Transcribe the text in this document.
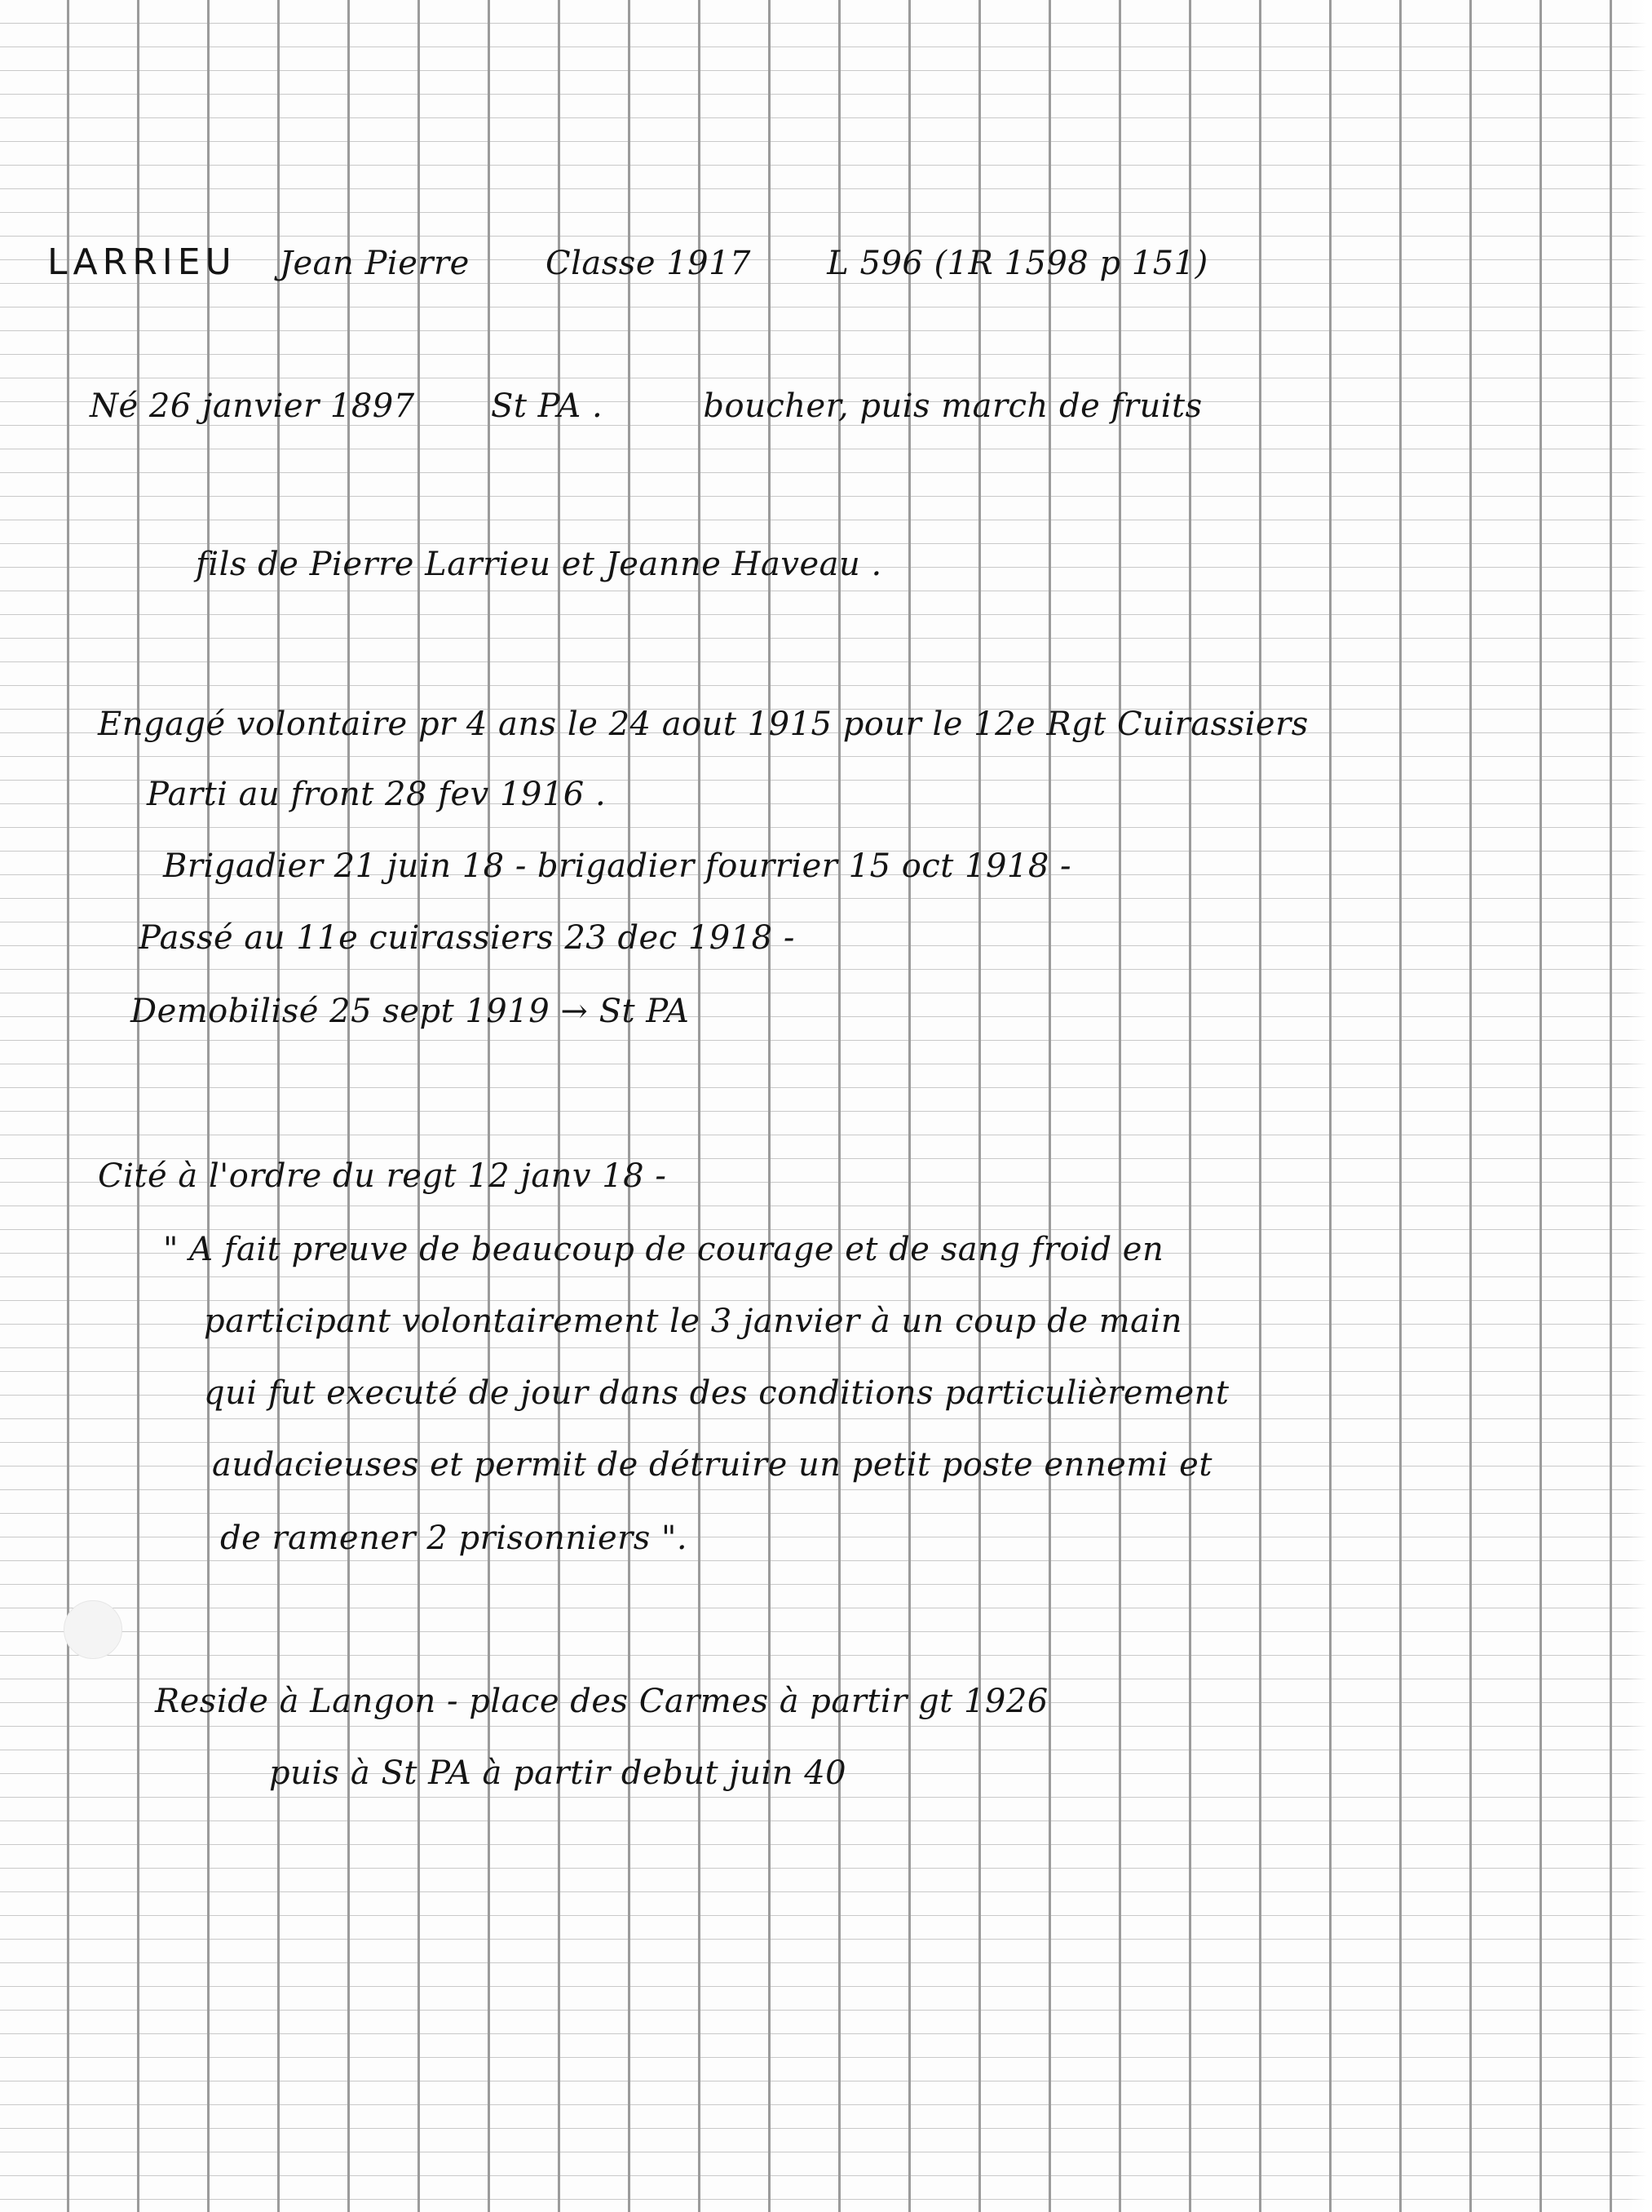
LARRIEU Jean Pierre Classe 1917 L 596 (1R 1598 p 151)
Né 26 janvier 1897 St PA .	boucher, puis march de fruits
fils de Pierre Larrieu et Jeanne Haveau .
Engagé volontaire pr 4 ans le 24 aout 1915 pour le 12e Rgt Cuirassiers
Parti au front 28 fev 1916 .
Brigadier 21 juin 18 - brigadier fourrier 15 oct 1918 -
Passé au 11e cuirassiers 23 dec 1918 -
Demobilisé 25 sept 1919 → St PA
Cité à l'ordre du regt 12 janv 18 -
" A fait preuve de beaucoup de courage et de sang froid en
participant volontairement le 3 janvier à un coup de main
qui fut executé de jour dans des conditions particulièrement
audacieuses et permit de détruire un petit poste ennemi et
de ramener 2 prisonniers ".
Reside à Langon - place des Carmes à partir gt 1926
puis à St PA à partir debut juin 40
